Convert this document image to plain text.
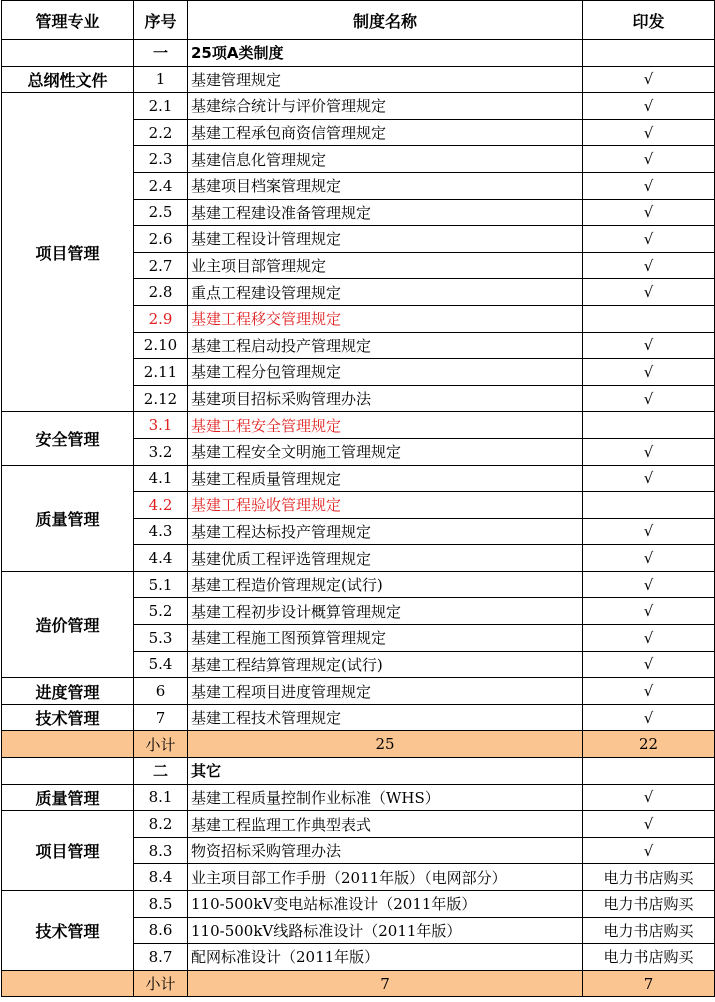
管理专业	序号	制度名称	印发
	一	25项A类制度	
总纲性文件	1	基建管理规定	√
项目管理	2.1	基建综合统计与评价管理规定	√
	2.2	基建工程承包商资信管理规定	√
	2.3	基建信息化管理规定	√
	2.4	基建项目档案管理规定	√
	2.5	基建工程建设准备管理规定	√
	2.6	基建工程设计管理规定	√
	2.7	业主项目部管理规定	√
	2.8	重点工程建设管理规定	√
	2.9	基建工程移交管理规定	
	2.10	基建工程启动投产管理规定	√
	2.11	基建工程分包管理规定	√
	2.12	基建项目招标采购管理办法	√
安全管理	3.1	基建工程安全管理规定	
	3.2	基建工程安全文明施工管理规定	√
质量管理	4.1	基建工程质量管理规定	√
	4.2	基建工程验收管理规定	
	4.3	基建工程达标投产管理规定	√
	4.4	基建优质工程评选管理规定	√
造价管理	5.1	基建工程造价管理规定(试行)	√
	5.2	基建工程初步设计概算管理规定	√
	5.3	基建工程施工图预算管理规定	√
	5.4	基建工程结算管理规定(试行)	√
进度管理	6	基建工程项目进度管理规定	√
技术管理	7	基建工程技术管理规定	√
	小计	25	22
	二	其它	
质量管理	8.1	基建工程质量控制作业标准（WHS）	√
项目管理	8.2	基建工程监理工作典型表式	√
	8.3	物资招标采购管理办法	√
	8.4	业主项目部工作手册（2011年版）（电网部分）	电力书店购买
技术管理	8.5	110-500kV变电站标准设计（2011年版）	电力书店购买
	8.6	110-500kV线路标准设计（2011年版）	电力书店购买
	8.7	配网标准设计（2011年版）	电力书店购买
	小计	7	7
